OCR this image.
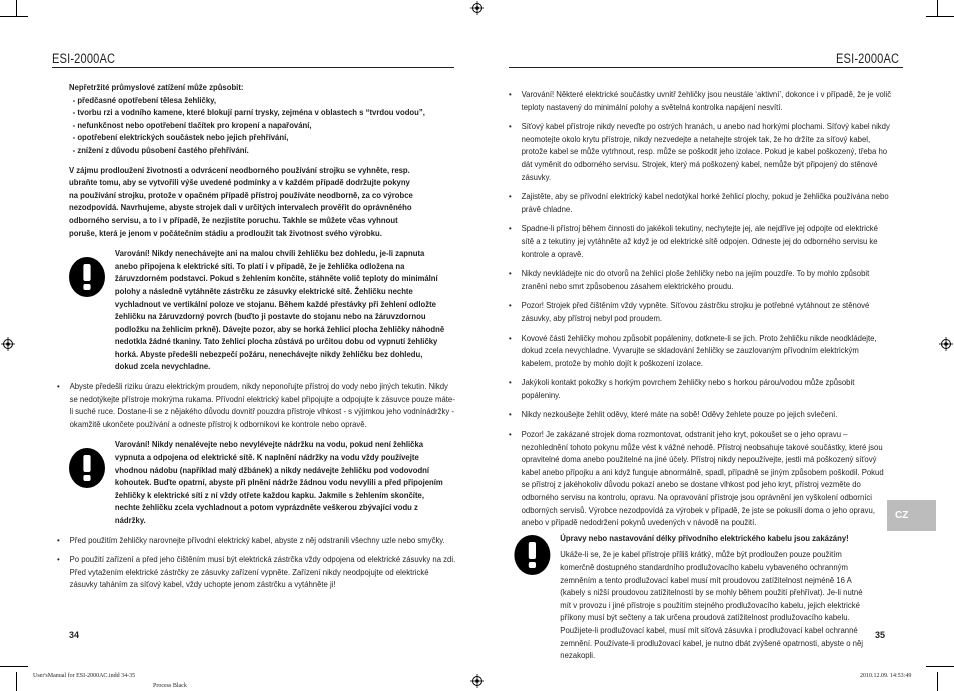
ESI-2000AC	ESI-2000AC

Nepřetržité průmyslové zatížení může způsobit:

- předčasné opotřebení tělesa žehličky,
- tvorbu rzi a vodního kamene, které blokují parní trysky, zejména v oblastech s “tvrdou vodou”,
- nefunkčnost nebo opotřebení tlačítek pro kropení a napařování,
- opotřebení elektrických součástek nebo jejich přehřívání,
- znížení z důvodu působení častého přehřívání.

V zájmu prodloužení životnosti a odvrácení neodborného používání strojku se vyhněte, resp. ubraňte tomu, aby se vytvořili výše uvedené podmínky a v každém případě dodržujte pokyny na používání strojku, protože v opačném případě přístroj používáte neodborně, za co výrobce nezodpovídá. Navrhujeme, abyste strojek dali v určitých intervalech prověřit do oprávněného odborného servisu, a to i v případě, že nezjistíte poruchu. Takhle se můžete včas vyhnout poruše, která je jenom v počátečním stádiu a prodloužit tak životnost svého výrobku.

Varování! Nikdy nenechávejte ani na malou chvíli žehličku bez dohledu, je-li zapnuta anebo připojena k elektrické síti. To platí i v případě, že je žehlička odložena na žáruvzdorném podstavci. Pokud s žehlením končíte, stáhněte volič teploty do minimální polohy a následně vytáhněte zástrčku ze zásuvky elektrické sítě. Žehličku nechte vychladnout ve vertikální poloze ve stojanu. Během každé přestávky při žehlení odložte žehličku na žáruvzdorný povrch (buďto ji postavte do stojanu nebo na žáruvzdornou podložku na žehlicím prkně). Dávejte pozor, aby se horká žehlicí plocha žehličky náhodně nedotkla žádné tkaniny. Tato žehlicí plocha zůstává po určitou dobu od vypnutí žehličky horká. Abyste předešli nebezpečí požáru, nenechávejte nikdy žehličku bez dohledu, dokud zcela nevychladne.

• Abyste předešli riziku úrazu elektrickým proudem, nikdy neponořujte přístroj do vody nebo jiných tekutin. Nikdy se nedotýkejte přístroje mokrýma rukama. Přívodní elektrický kabel připojujte a odpojujte k zásuvce pouze máte-li suché ruce. Dostane-li se z nějakého důvodu dovnitř pouzdra přístroje vlhkost - s výjimkou jeho vodnínádržky - okamžitě ukončete používání a odneste přístroj k odbornikovi ke kontrole nebo opravě.

Varování! Nikdy nenalévejte nebo nevylévejte nádržku na vodu, pokud není žehlička vypnuta a odpojena od elektrické sítě. K naplnění nádržky na vodu vždy používejte vhodnou nádobu (například malý džbánek) a nikdy nedávejte žehličku pod vodovodní kohoutek. Buďte opatrní, abyste při plnění nádrže žádnou vodu nevylili a před připojením žehličky k elektrické síti z ní vždy otřete každou kapku. Jakmile s žehlením skončíte, nechte žehličku zcela vychladnout a potom vyprázdněte veškerou zbývající vodu z nádržky.

• Před použitím žehličky narovnejte přívodní elektrický kabel, abyste z něj odstranili všechny uzle nebo smyčky.

• Po použití zařízení a před jeho čištěním musí být elektrická zástrčka vždy odpojena od elektrické zásuvky na zdi. Před vytažením elektrické zástrčky ze zásuvky zařízení vypněte. Zařízení nikdy neodpojujte od elektrické zásuvky taháním za síťový kabel, vždy uchopte jenom zástrčku a vytáhněte ji!

34

• Varování! Některé elektrické součástky uvnitř žehličky jsou neustále ‘aktivní’, dokonce i v případě, že je volič teploty nastavený do minimální polohy a světelná kontrolka napájení nesvítí.

• Síťový kabel přístroje nikdy neveďte po ostrých hranách, u anebo nad horkými plochami. Síťový kabel nikdy neomotejte okolo krytu přístroje, nikdy nezvedejte a netahejte strojek tak, že ho držíte za síťový kabel, protože kabel se může vytrhnout, resp. může se poškodit jeho izolace. Pokud je kabel poškozený, třeba ho dát vyměnit do odborného servisu. Strojek, který má poškozený kabel, nemůže být připojený do stěnové zásuvky.

• Zajistěte, aby se přívodní elektrický kabel nedotýkal horké žehlicí plochy, pokud je žehlička používána nebo právě chladne.

• Spadne-li přístroj během činnosti do jakékoli tekutiny, nechytejte jej, ale nejdříve jej odpojte od elektrické sítě a z tekutiny jej vytáhněte až když je od elektrické sítě odpojen. Odneste jej do odborného servisu ke kontrole a opravě.

• Nikdy nevkládejte nic do otvorů na žehlicí ploše žehličky nebo na jejím pouzdře. To by mohlo způsobit zranění nebo smrt způsobenou zásahem elektrického proudu.

• Pozor! Strojek před čištěním vždy vypněte. Síťovou zástrčku strojku je potřebné vytáhnout ze stěnové zásuvky, aby přístroj nebyl pod proudem.

• Kovové části žehličky mohou způsobit popáleniny, dotknete-li se jich. Proto žehličku nikde neodkládejte, dokud zcela nevychladne. Vyvarujte se skladování žehličky se zauzlovaným přívodním elektrickým kabelem, protože by mohlo dojít k poškození izolace.

• Jakýkoli kontakt pokožky s horkým povrchem žehličky nebo s horkou párou/vodou může způsobit popáleniny.

• Nikdy nezkoušejte žehlit oděvy, které máte na sobě! Oděvy žehlete pouze po jejich svlečení.

• Pozor! Je zakázané strojek doma rozmontovat, odstranit jeho kryt, pokoušet se o jeho opravu – nezohlednění tohoto pokynu může vést k vážné nehodě. Přístroj neobsahuje takové součástky, které jsou opravitelné doma anebo použitelné na jiné účely. Přístroj nikdy nepoužívejte, jestli má poškozený síťový kabel anebo přípojku a ani když funguje abnormálně, spadl, případně se jiným způsobem poškodil. Pokud se přístroj z jakéhokoliv důvodu pokazí anebo se dostane vlhkost pod jeho kryt, přístroj vezměte do odborného servisu na kontrolu, opravu. Na opravování přístroje jsou oprávnění jen vyškolení odborníci odborných servisů. Výrobce nezodpovídá za výrobek v případě, že jste se pokusili doma o jeho opravu, anebo v případě nedodržení pokynů uvedených v návodě na použití.

Úpravy nebo nastavování délky přívodního elektrického kabelu jsou zakázány!

Ukáže-li se, že je kabel přístroje příliš krátký, může být prodloužen pouze použitím komerčně dostupného standardního prodlužovacího kabelu vybaveného ochranným zemněním a tento prodlužovací kabel musí mít proudovou zatížitelnost nejméně 16 A (kabely s nižší proudovou zatížitelností by se mohly během použití přehřívat). Je-li nutné mít v provozu i jiné přístroje s použitím stejného prodlužovacího kabelu, jejich elektrické příkony musí být sečteny a tak určena proudová zatížitelnost prodlužovacího kabelu. Použijete-li prodlužovací kabel, musí mít síťová zásuvka i prodlužovací kabel ochranné zemnění. Používate-li prodlužovací kabel, je nutno dbát zvýšené opatrnosti, abyste o něj nezakopli.

35
CZ
User'sManual for ESI-2000AC.indd 34-35	2010.12.09. 14:53:49
Process Black
